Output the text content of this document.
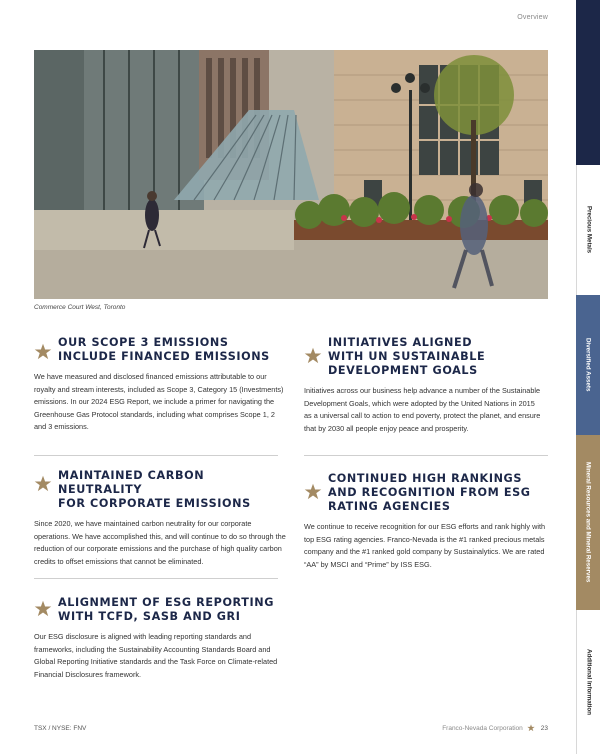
Overview
Commerce Court West, Toronto
OUR SCOPE 3 EMISSIONS
INCLUDE FINANCED EMISSIONS
We have measured and disclosed financed emissions attributable to our royalty and stream interests, included as Scope 3, Category 15 (Investments) emissions. In our 2024 ESG Report, we include a primer for navigating the Greenhouse Gas Protocol standards, including what comprises Scope 1, 2 and 3 emissions.
INITIATIVES ALIGNED
WITH UN SUSTAINABLE
DEVELOPMENT GOALS
Initiatives across our business help advance a number of the Sustainable Development Goals, which were adopted by the United Nations in 2015 as a universal call to action to end poverty, protect the planet, and ensure that by 2030 all people enjoy peace and prosperity.
MAINTAINED CARBON NEUTRALITY
FOR CORPORATE EMISSIONS
Since 2020, we have maintained carbon neutrality for our corporate operations. We have accomplished this, and will continue to do so through the reduction of our corporate emissions and the purchase of high quality carbon credits to offset emissions that cannot be eliminated.
CONTINUED HIGH RANKINGS
AND RECOGNITION FROM ESG
RATING AGENCIES
We continue to receive recognition for our ESG efforts and rank highly with top ESG rating agencies. Franco-Nevada is the #1 ranked precious metals company and the #1 ranked gold company by Sustainalytics. We are rated “AA” by MSCI and “Prime” by ISS ESG.
ALIGNMENT OF ESG REPORTING
WITH TCFD, SASB AND GRI
Our ESG disclosure is aligned with leading reporting standards and frameworks, including the Sustainability Accounting Standards Board and Global Reporting Initiative standards and the Task Force on Climate-related Financial Disclosures framework.
TSX / NYSE: FNV	Franco-Nevada Corporation	23
Precious Metals
Diversified Assets
Mineral Resources and Mineral Reserves
Additional Information
